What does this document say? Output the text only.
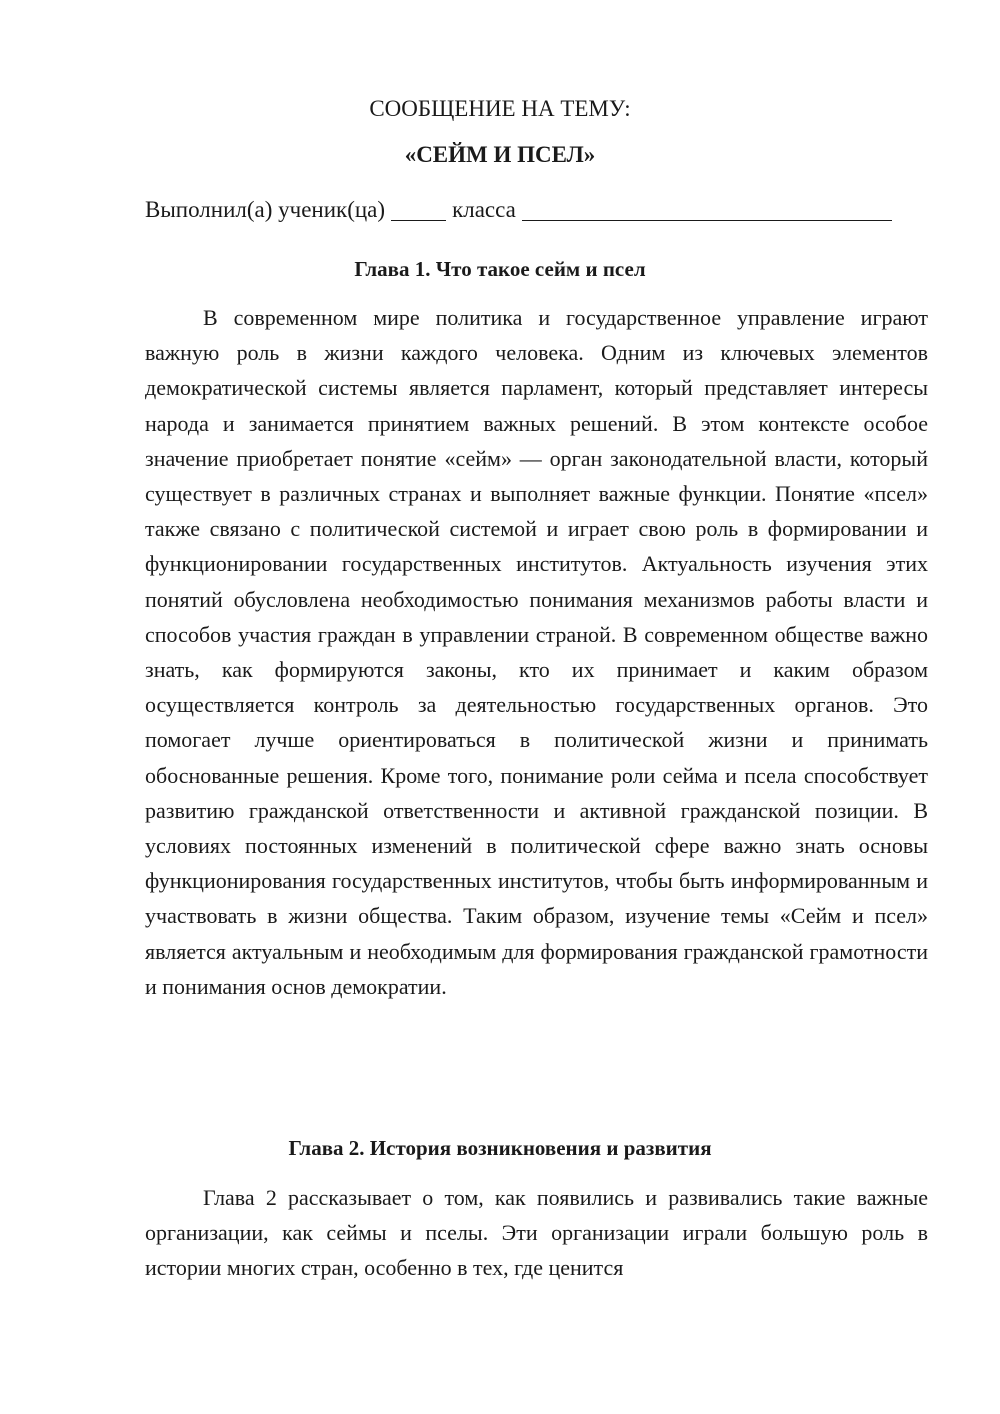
СООБЩЕНИЕ НА ТЕМУ:
«СЕЙМ И ПСЕЛ»
Выполнил(а) ученик(ца)	класса
Глава 1. Что такое сейм и псел

В современном мире политика и государственное управление играют важную роль в жизни каждого человека. Одним из ключевых элементов демократической системы является парламент, который представляет интересы народа и занимается принятием важных решений. В этом контексте особое значение приобретает понятие «сейм» — орган законодательной власти, который существует в различных странах и выполняет важные функции. Понятие «псел» также связано с политической системой и играет свою роль в формировании и функционировании государственных институтов. Актуальность изучения этих понятий обусловлена необходимостью понимания механизмов работы власти и способов участия граждан в управлении страной. В современном обществе важно знать, как формируются законы, кто их принимает и каким образом осуществляется контроль за деятельностью государственных органов. Это помогает лучше ориентироваться в политической жизни и принимать обоснованные решения. Кроме того, понимание роли сейма и псела способствует развитию гражданской ответственности и активной гражданской позиции. В условиях постоянных изменений в политической сфере важно знать основы функционирования государственных институтов, чтобы быть информированным и участвовать в жизни общества. Таким образом, изучение темы «Сейм и псел» является актуальным и необходимым для формирования гражданской грамотности и понимания основ демократии.

Глава 2. История возникновения и развития

Глава 2 рассказывает о том, как появились и развивались такие важные организации, как сеймы и пселы. Эти организации играли большую роль в истории многих стран, особенно в тех, где ценится
